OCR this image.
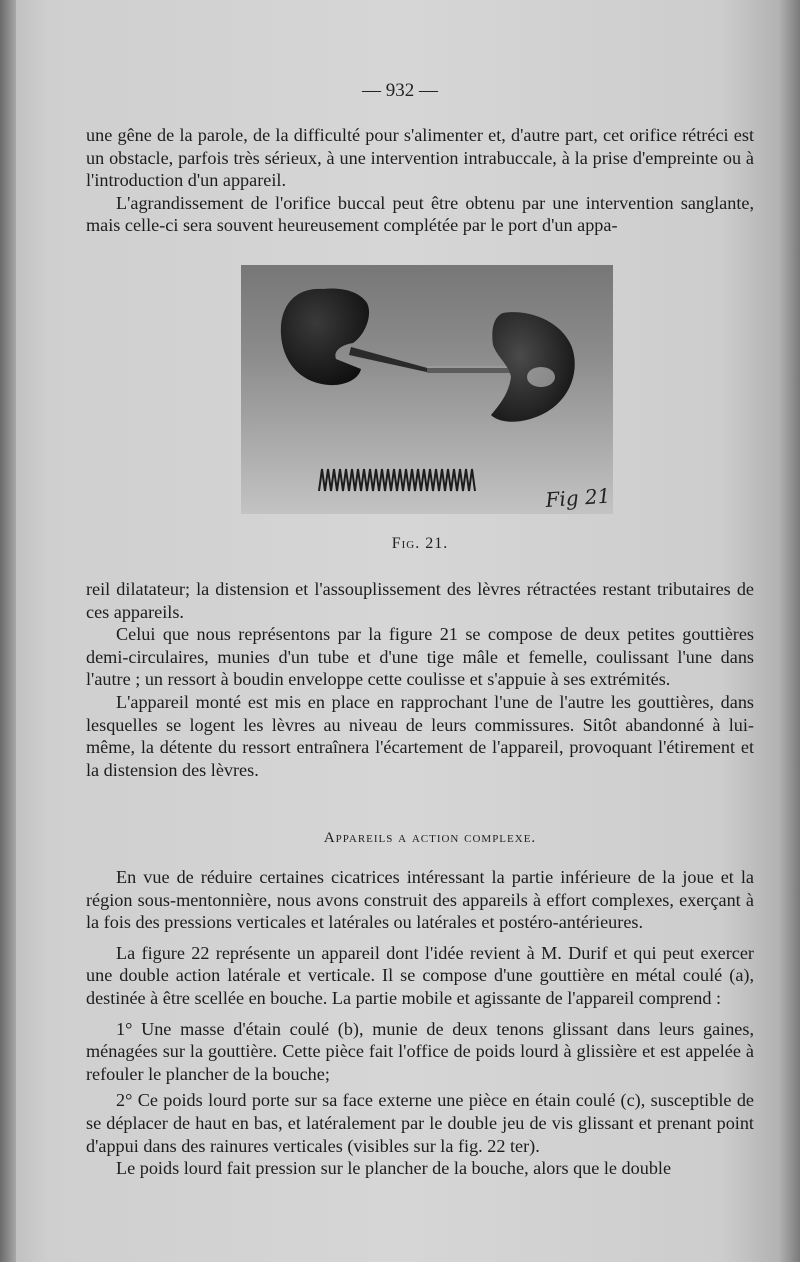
— 932 —

une gêne de la parole, de la difficulté pour s'alimenter et, d'autre part, cet orifice rétréci est un obstacle, parfois très sérieux, à une intervention intrabuccale, à la prise d'empreinte ou à l'introduction d'un appareil.

L'agrandissement de l'orifice buccal peut être obtenu par une intervention sanglante, mais celle-ci sera souvent heureusement complétée par le port d'un appa-

Fig 21
Fig. 21.

reil dilatateur; la distension et l'assouplissement des lèvres rétractées restant tributaires de ces appareils.

Celui que nous représentons par la figure 21 se compose de deux petites gouttières demi-circulaires, munies d'un tube et d'une tige mâle et femelle, coulissant l'une dans l'autre ; un ressort à boudin enveloppe cette coulisse et s'appuie à ses extrémités.

L'appareil monté est mis en place en rapprochant l'une de l'autre les gouttières, dans lesquelles se logent les lèvres au niveau de leurs commissures. Sitôt abandonné à lui-même, la détente du ressort entraînera l'écartement de l'appareil, provoquant l'étirement et la distension des lèvres.

Appareils a action complexe.

En vue de réduire certaines cicatrices intéressant la partie inférieure de la joue et la région sous-mentonnière, nous avons construit des appareils à effort complexes, exerçant à la fois des pressions verticales et latérales ou latérales et postéro-antérieures.

La figure 22 représente un appareil dont l'idée revient à M. Durif et qui peut exercer une double action latérale et verticale. Il se compose d'une gouttière en métal coulé (a), destinée à être scellée en bouche. La partie mobile et agissante de l'appareil comprend :

1° Une masse d'étain coulé (b), munie de deux tenons glissant dans leurs gaines, ménagées sur la gouttière. Cette pièce fait l'office de poids lourd à glissière et est appelée à refouler le plancher de la bouche;

2° Ce poids lourd porte sur sa face externe une pièce en étain coulé (c), susceptible de se déplacer de haut en bas, et latéralement par le double jeu de vis glissant et prenant point d'appui dans des rainures verticales (visibles sur la fig. 22 ter).

Le poids lourd fait pression sur le plancher de la bouche, alors que le double
